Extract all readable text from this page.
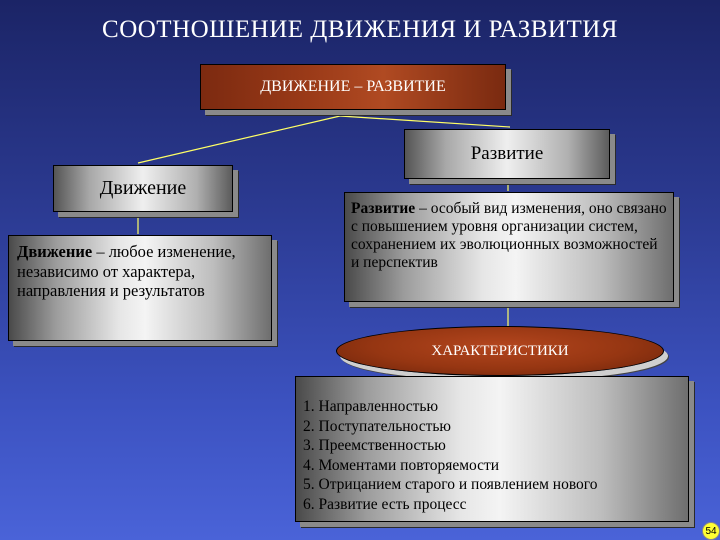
СООТНОШЕНИЕ ДВИЖЕНИЯ И РАЗВИТИЯ
ДВИЖЕНИЕ – РАЗВИТИЕ
Развитие
Движение
Движение – любое изменение, независимо от характера, направления и результатов
Развитие – особый вид изменения, оно связано с повышением уровня организации систем, сохранением их эволюционных возможностей и перспектив
ХАРАКТЕРИСТИКИ
1. Направленностью
2. Поступательностью
3. Преемственностью
4. Моментами повторяемости
5. Отрицанием старого и появлением нового
6. Развитие есть процесс
54
